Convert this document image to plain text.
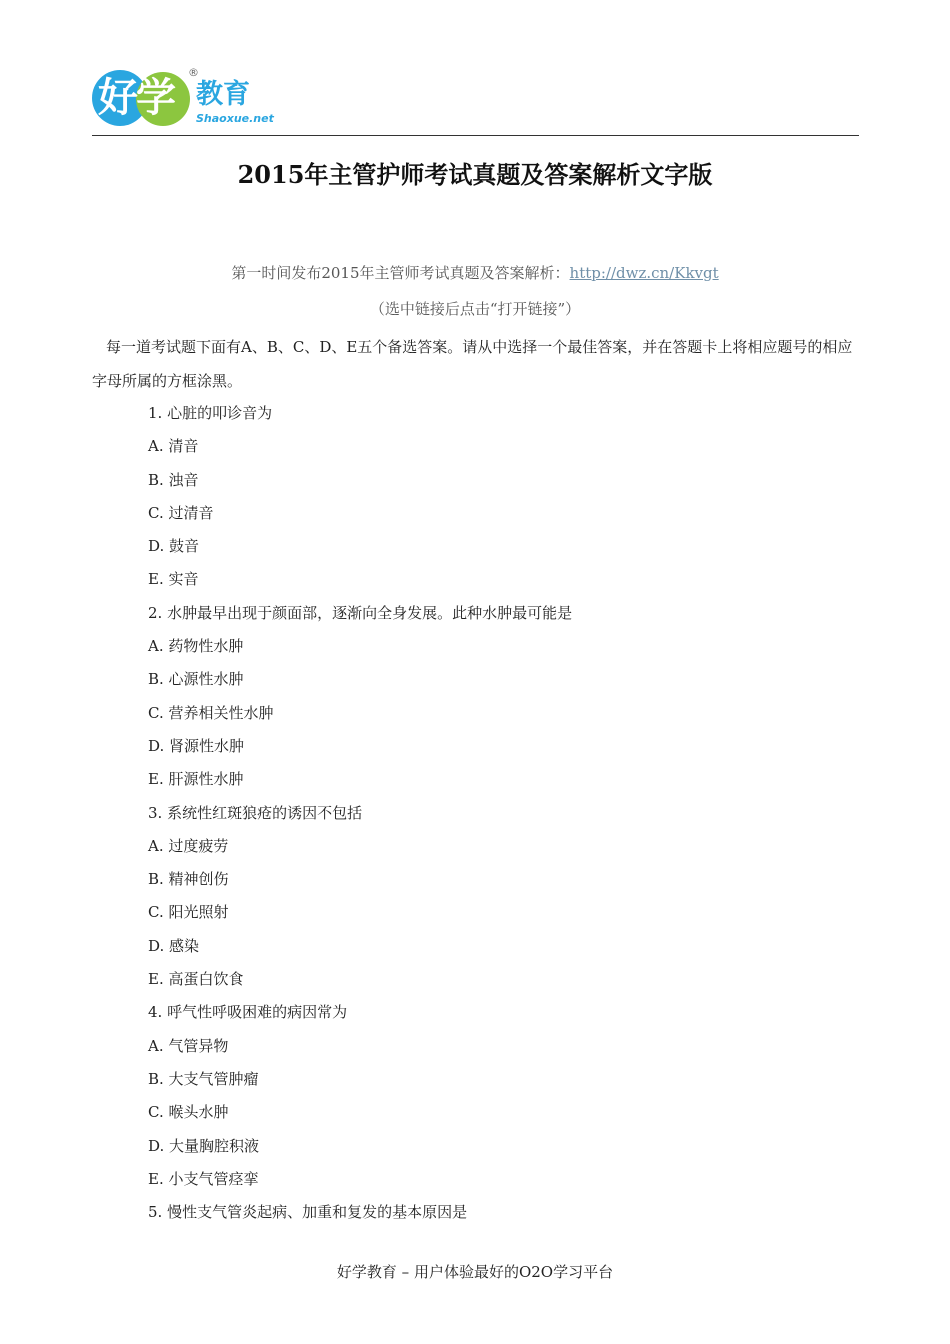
好学
®
教育
Shaoxue.net
2015年主管护师考试真题及答案解析文字版
第一时间发布2015年主管师考试真题及答案解析：http://dwz.cn/Kkvgt
（选中链接后点击“打开链接”）
每一道考试题下面有A、B、C、D、E五个备选答案。请从中选择一个最佳答案，并在答题卡上将相应题号的相应字母所属的方框涂黑。
1. 心脏的叩诊音为
A. 清音
B. 浊音
C. 过清音
D. 鼓音
E. 实音
2. 水肿最早出现于颜面部，逐渐向全身发展。此种水肿最可能是
A. 药物性水肿
B. 心源性水肿
C. 营养相关性水肿
D. 肾源性水肿
E. 肝源性水肿
3. 系统性红斑狼疮的诱因不包括
A. 过度疲劳
B. 精神创伤
C. 阳光照射
D. 感染
E. 高蛋白饮食
4. 呼气性呼吸困难的病因常为
A. 气管异物
B. 大支气管肿瘤
C. 喉头水肿
D. 大量胸腔积液
E. 小支气管痉挛
5. 慢性支气管炎起病、加重和复发的基本原因是
好学教育 – 用户体验最好的O2O学习平台
